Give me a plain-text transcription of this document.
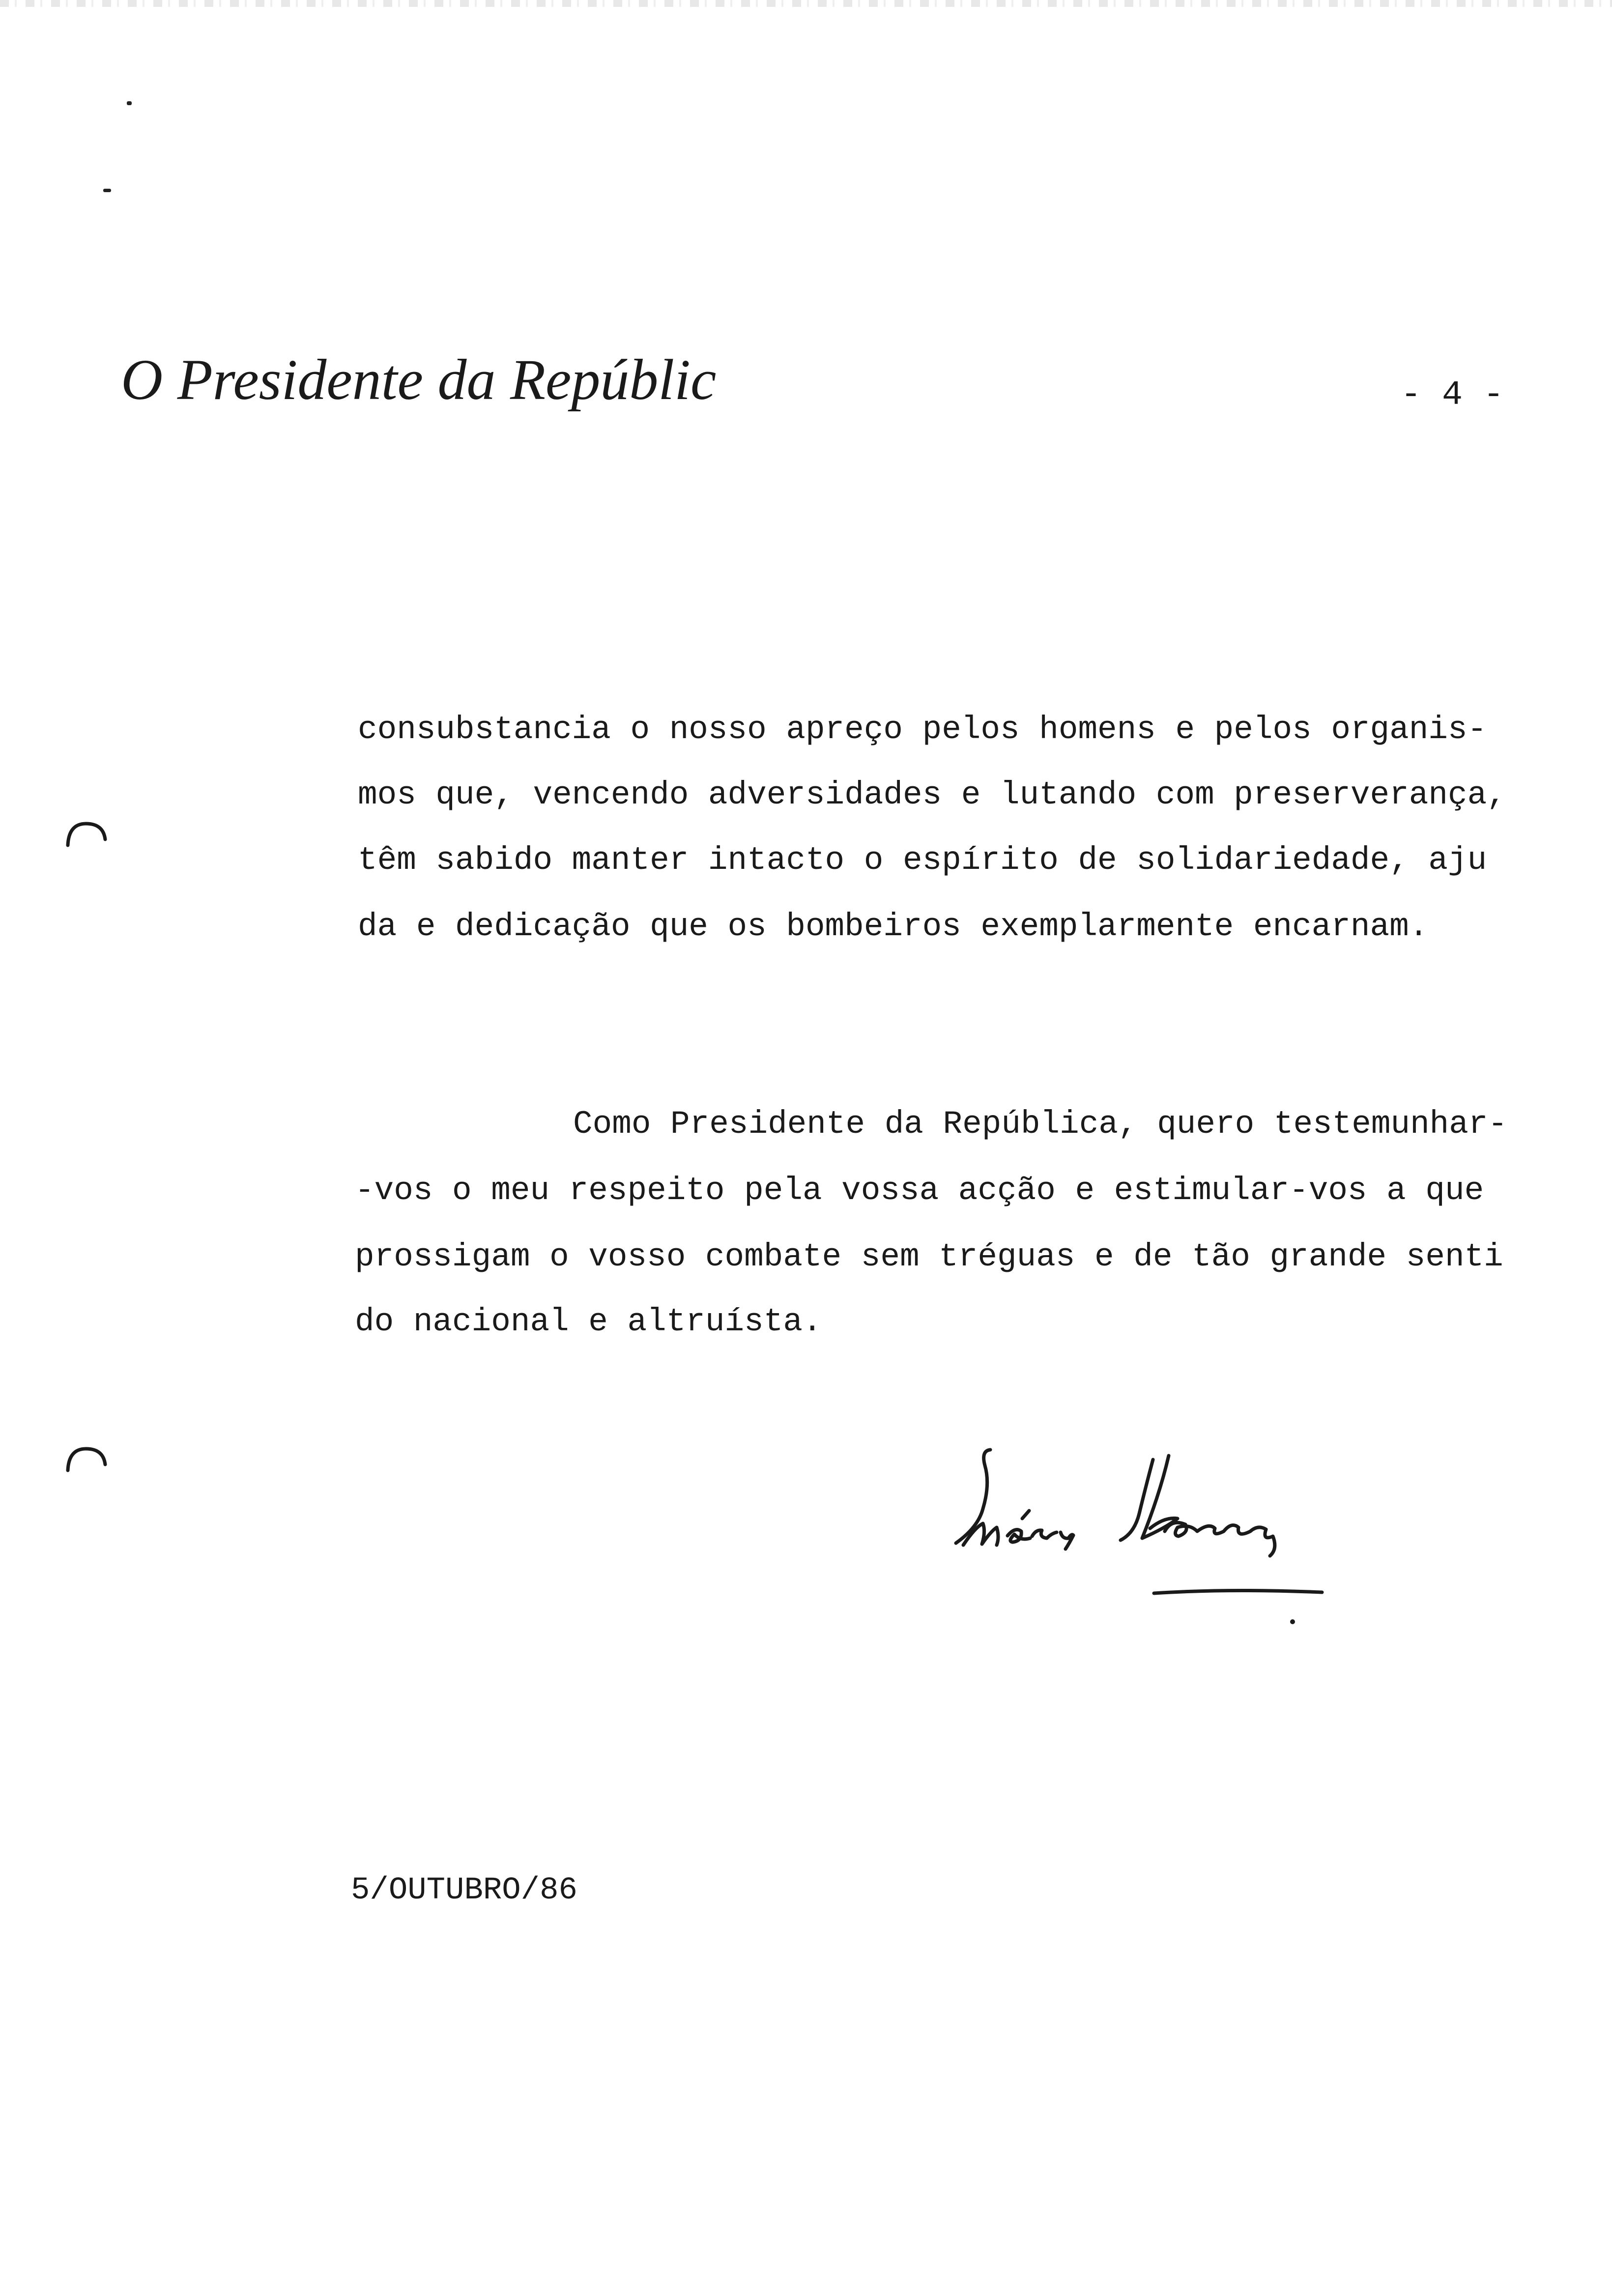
O Presidente da República	- 4 -
consubstancia o nosso apreço pelos homens e pelos organis-
mos que, vencendo adversidades e lutando com preserverança,
têm sabido manter intacto o espírito de solidariedade, aju
da e dedicação que os bombeiros exemplarmente encarnam.
Como Presidente da República, quero testemunhar-
-vos o meu respeito pela vossa acção e estimular-vos a que
prossigam o vosso combate sem tréguas e de tão grande senti
do nacional e altruísta.
5/OUTUBRO/86
